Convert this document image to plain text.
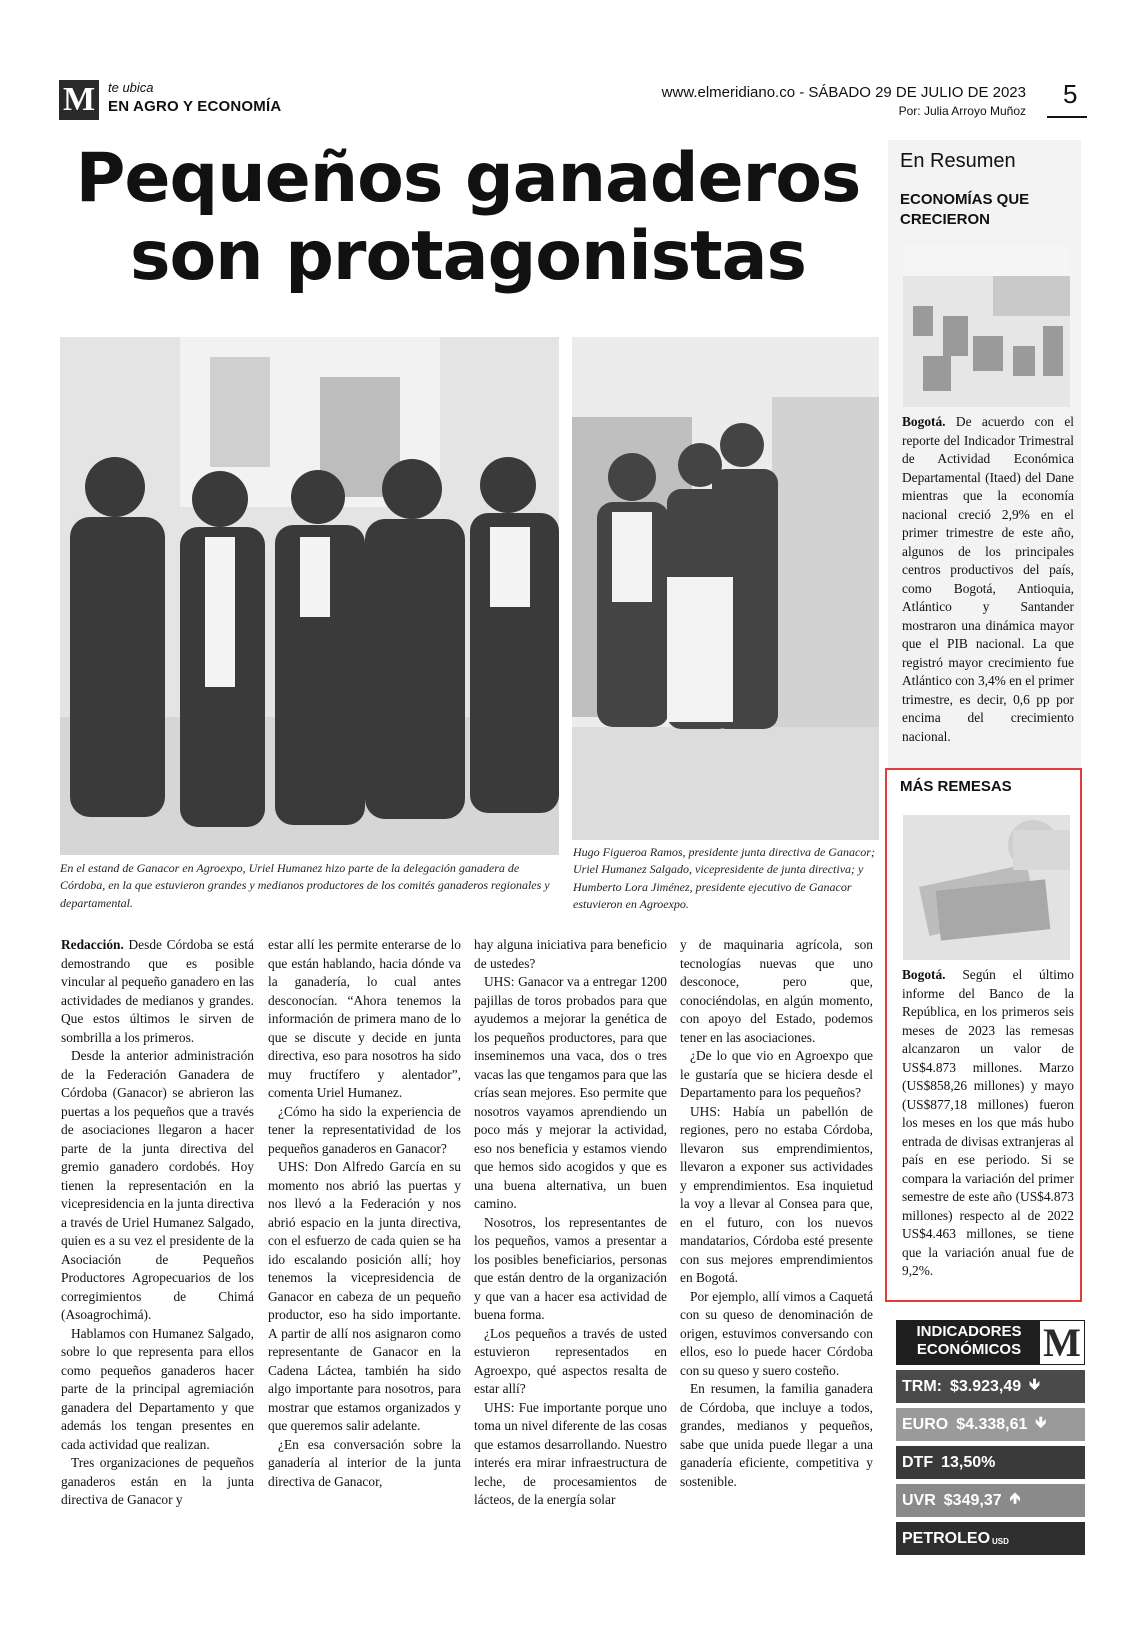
M te ubica
EN AGRO Y ECONOMÍA
www.elmeridiano.co - SÁBADO 29 DE JULIO DE 2023
Por: Julia Arroyo Muñoz
5
Pequeños ganaderos son protagonistas
En el estand de Ganacor en Agroexpo, Uriel Humanez hizo parte de la delegación ganadera de Córdoba, en la que estuvieron grandes y medianos productores de los comités ganaderos regionales y departamental.
Hugo Figueroa Ramos, presidente junta directiva de Ganacor; Uriel Humanez Salgado, vicepresidente de junta directiva; y Humberto Lora Jiménez, presidente ejecutivo de Ganacor estuvieron en Agroexpo.

Redacción. Desde Córdoba se está demostrando que es posible vincular al pequeño ganadero en las actividades de medianos y grandes. Que estos últimos le sirven de sombrilla a los primeros.

Desde la anterior administración de la Federación Ganadera de Córdoba (Ganacor) se abrieron las puertas a los pequeños que a través de asociaciones llegaron a hacer parte de la junta directiva del gremio ganadero cordobés. Hoy tienen la representación en la vicepresidencia en la junta directiva a través de Uriel Humanez Salgado, quien es a su vez el presidente de la Asociación de Pequeños Productores Agropecuarios de los corregimientos de Chimá (Asoagrochimá).

Hablamos con Humanez Salgado, sobre lo que representa para ellos como pequeños ganaderos hacer parte de la principal agremiación ganadera del Departamento y que además los tengan presentes en cada actividad que realizan.

Tres organizaciones de pequeños ganaderos están en la junta directiva de Ganacor y

estar allí les permite enterarse de lo que están hablando, hacia dónde va la ganadería, lo cual antes desconocían. “Ahora tenemos la información de primera mano de lo que se discute y decide en junta directiva, eso para nosotros ha sido muy fructífero y alentador”, comenta Uriel Humanez.

¿Cómo ha sido la experiencia de tener la representatividad de los pequeños ganaderos en Ganacor?

UHS: Don Alfredo García en su momento nos abrió las puertas y nos llevó a la Federación y nos abrió espacio en la junta directiva, con el esfuerzo de cada quien se ha ido escalando posición allí; hoy tenemos la vicepresidencia de Ganacor en cabeza de un pequeño productor, eso ha sido importante. A partir de allí nos asignaron como representante de Ganacor en la Cadena Láctea, también ha sido algo importante para nosotros, para mostrar que estamos organizados y que queremos salir adelante.

¿En esa conversación sobre la ganadería al interior de la junta directiva de Ganacor,

hay alguna iniciativa para beneficio de ustedes?

UHS: Ganacor va a entregar 1200 pajillas de toros probados para que ayudemos a mejorar la genética de los pequeños productores, para que inseminemos una vaca, dos o tres vacas las que tengamos para que las crías sean mejores. Eso permite que nosotros vayamos aprendiendo un poco más y mejorar la actividad, eso nos beneficia y estamos viendo que hemos sido acogidos y que es una buena alternativa, un buen camino.

Nosotros, los representantes de los pequeños, vamos a presentar a los posibles beneficiarios, personas que están dentro de la organización y que van a hacer esa actividad de buena forma.

¿Los pequeños a través de usted estuvieron representados en Agroexpo, qué aspectos resalta de estar allí?

UHS: Fue importante porque uno toma un nivel diferente de las cosas que estamos desarrollando. Nuestro interés era mirar infraestructura de leche, de procesamientos de lácteos, de la energía solar

y de maquinaria agrícola, son tecnologías nuevas que uno desconoce, pero que, conociéndolas, en algún momento, con apoyo del Estado, podemos tener en las asociaciones.

¿De lo que vio en Agroexpo que le gustaría que se hiciera desde el Departamento para los pequeños?

UHS: Había un pabellón de regiones, pero no estaba Córdoba, llevaron sus emprendimientos, llevaron a exponer sus actividades y emprendimientos. Esa inquietud la voy a llevar al Consea para que, en el futuro, con los nuevos mandatarios, Córdoba esté presente con sus mejores emprendimientos en Bogotá.

Por ejemplo, allí vimos a Caquetá con su queso de denominación de origen, estuvimos conversando con ellos, eso lo puede hacer Córdoba con su queso y suero costeño.

En resumen, la familia ganadera de Córdoba, que incluye a todos, grandes, medianos y pequeños, sabe que unida puede llegar a una ganadería eficiente, competitiva y sostenible.

En Resumen
ECONOMÍAS QUE CRECIERON
Bogotá. De acuerdo con el reporte del Indicador Trimestral de Actividad Económica Departamental (Itaed) del Dane mientras que la economía nacional creció 2,9% en el primer trimestre de este año, algunos de los principales centros productivos del país, como Bogotá, Antioquia, Atlántico y Santander mostraron una dinámica mayor que el PIB nacional. La que registró mayor crecimiento fue Atlántico con 3,4% en el primer trimestre, es decir, 0,6 pp por encima del crecimiento nacional.
MÁS REMESAS
Bogotá. Según el último informe del Banco de la República, en los primeros seis meses de 2023 las remesas alcanzaron un valor de US$4.873 millones. Marzo (US$858,26 millones) y mayo (US$877,18 millones) fueron los meses en los que más hubo entrada de divisas extranjeras al país en ese periodo. Si se compara la variación del primer semestre de este año (US$4.873 millones) respecto al de 2022 US$4.463 millones, se tiene que la variación anual fue de 9,2%.
INDICADORES ECONÓMICOS M
TRM: $3.923,49 🡻
EURO $4.338,61 🡻
DTF 13,50%
UVR $349,37 🡹
PETROLEO USD
